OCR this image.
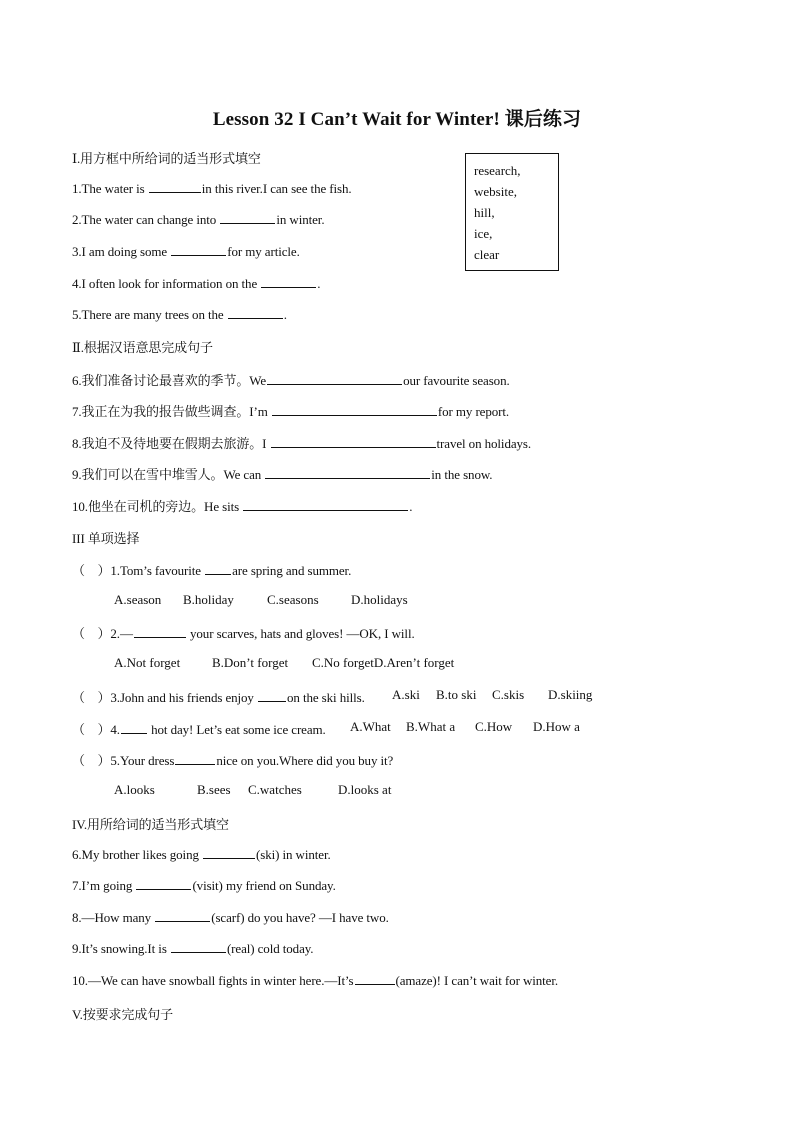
Lesson 32 I Can’t Wait for Winter! 课后练习
Ⅰ.用方框中所给词的适当形式填空
research,
website,
hill,
ice,
clear
1.The water is	in this river.I can see the fish.
2.The water can change into	in winter.
3.I am doing some	for my article.
4.I often look for information on the	.
5.There are many trees on the	.
Ⅱ.根据汉语意思完成句子
6.我们准备讨论最喜欢的季节。We	our favourite season.
7.我正在为我的报告做些调查。I’m	for my report.
8.我迫不及待地要在假期去旅游。I	travel on holidays.
9.我们可以在雪中堆雪人。We can	in the snow.
10.他坐在司机的旁边。He sits	.
III 单项选择
（    ）1.Tom’s favourite are spring and summer.
A.season B.holiday	C.seasons D.holidays
（    ）2.—	your scarves, hats and gloves! —OK, I will.
A.Not forget B.Don’t forget C.No forgetD.Aren’t forget
（    ）3.John and his friends enjoy on the ski hills. A.ski B.to ski C.skis D.skiing
（    ）4. hot day! Let’s eat some ice cream. A.What B.What a C.How D.How a
（    ）5.Your dress	nice on you.Where did you buy it?
A.looks	B.sees C.watches	D.looks at
IV.用所给词的适当形式填空
6.My brother likes going	(ski) in winter.
7.I’m going	(visit) my friend on Sunday.
8.—How many	(scarf) do you have? —I have two.
9.It’s snowing.It is	(real) cold today.
10.—We can have snowball fights in winter here.—It’s	(amaze)! I can’t wait for winter.
V.按要求完成句子
